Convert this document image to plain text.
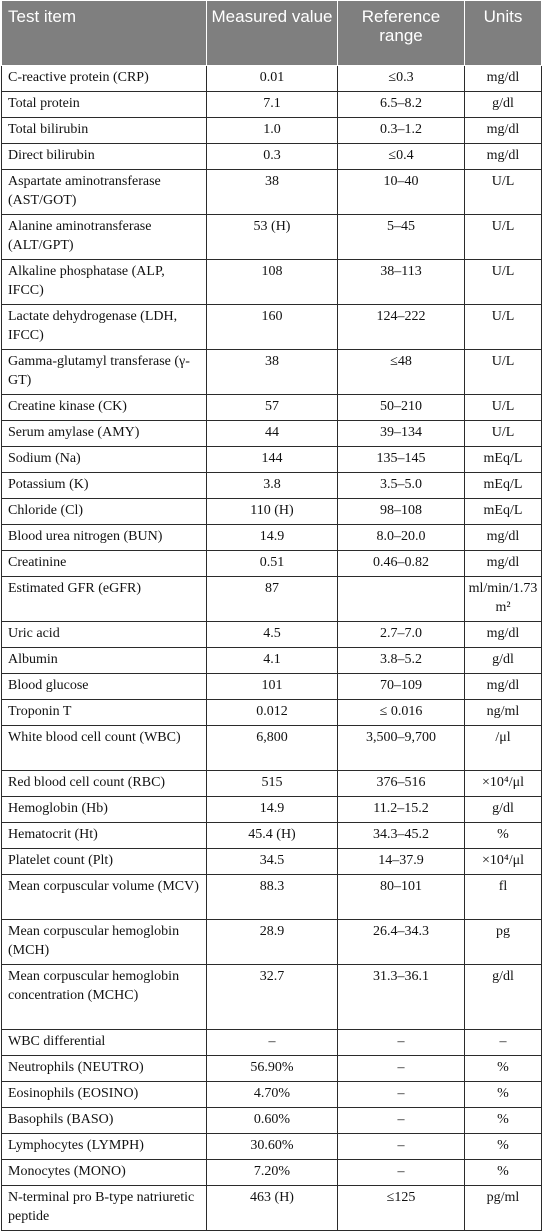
Test item	Measured value	Reference range	Units
C-reactive protein (CRP)	0.01	≤0.3	mg/dl
Total protein	7.1	6.5–8.2	g/dl
Total bilirubin	1.0	0.3–1.2	mg/dl
Direct bilirubin	0.3	≤0.4	mg/dl
Aspartate aminotransferase (AST/GOT)	38	10–40	U/L
Alanine aminotransferase (ALT/GPT)	53 (H)	5–45	U/L
Alkaline phosphatase (ALP, IFCC)	108	38–113	U/L
Lactate dehydrogenase (LDH, IFCC)	160	124–222	U/L
Gamma-glutamyl transferase (γ-GT)	38	≤48	U/L
Creatine kinase (CK)	57	50–210	U/L
Serum amylase (AMY)	44	39–134	U/L
Sodium (Na)	144	135–145	mEq/L
Potassium (K)	3.8	3.5–5.0	mEq/L
Chloride (Cl)	110 (H)	98–108	mEq/L
Blood urea nitrogen (BUN)	14.9	8.0–20.0	mg/dl
Creatinine	0.51	0.46–0.82	mg/dl
Estimated GFR (eGFR)	87		ml/min/1.73 m²
Uric acid	4.5	2.7–7.0	mg/dl
Albumin	4.1	3.8–5.2	g/dl
Blood glucose	101	70–109	mg/dl
Troponin T	0.012	≤ 0.016	ng/ml
White blood cell count (WBC)	6,800	3,500–9,700	/μl
Red blood cell count (RBC)	515	376–516	×10⁴/μl
Hemoglobin (Hb)	14.9	11.2–15.2	g/dl
Hematocrit (Ht)	45.4 (H)	34.3–45.2	%
Platelet count (Plt)	34.5	14–37.9	×10⁴/μl
Mean corpuscular volume (MCV)	88.3	80–101	fl
Mean corpuscular hemoglobin (MCH)	28.9	26.4–34.3	pg
Mean corpuscular hemoglobin concentration (MCHC)	32.7	31.3–36.1	g/dl
WBC differential	–	–	–
Neutrophils (NEUTRO)	56.90%	–	%
Eosinophils (EOSINO)	4.70%	–	%
Basophils (BASO)	0.60%	–	%
Lymphocytes (LYMPH)	30.60%	–	%
Monocytes (MONO)	7.20%	–	%
N-terminal pro B-type natriuretic peptide	463 (H)	≤125	pg/ml
